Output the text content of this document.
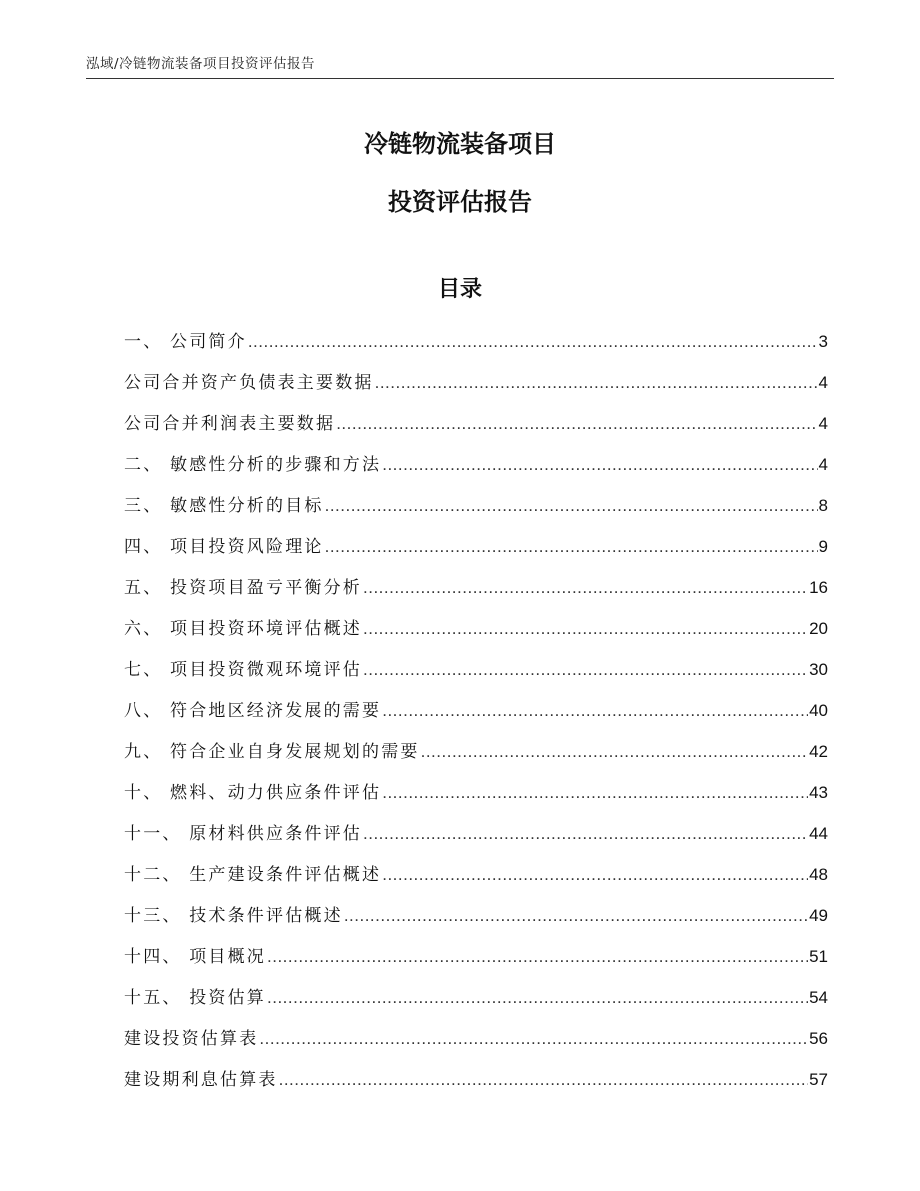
泓域/冷链物流装备项目投资评估报告
冷链物流装备项目
投资评估报告
目录
一、 公司简介 .....	3
公司合并资产负债表主要数据 .....	4
公司合并利润表主要数据 .....	4
二、 敏感性分析的步骤和方法 .....	4
三、 敏感性分析的目标 .....	8
四、 项目投资风险理论 .....	9
五、 投资项目盈亏平衡分析 .....	16
六、 项目投资环境评估概述 .....	20
七、 项目投资微观环境评估 .....	30
八、 符合地区经济发展的需要 .....	40
九、 符合企业自身发展规划的需要 .....	42
十、 燃料、动力供应条件评估 .....	43
十一、 原材料供应条件评估 .....	44
十二、 生产建设条件评估概述 .....	48
十三、 技术条件评估概述 .....	49
十四、 项目概况 .....	51
十五、 投资估算 .....	54
建设投资估算表 .....	56
建设期利息估算表 .....	57
